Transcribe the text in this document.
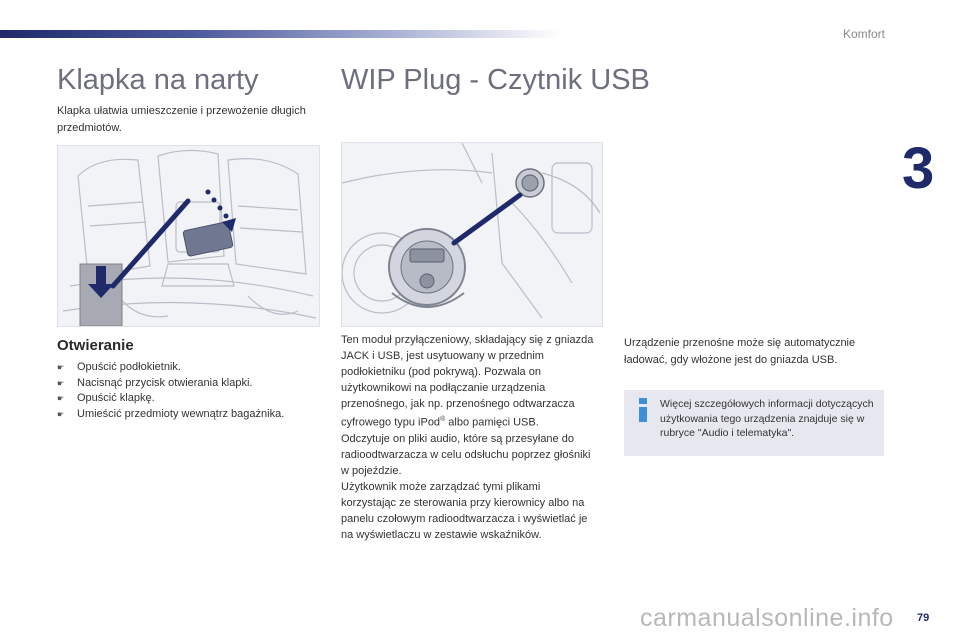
Komfort
3
Klapka na narty	WIP Plug - Czytnik USB
Klapka ułatwia umieszczenie i przewożenie długich przedmiotów.
Otwieranie
☛	Opuścić podłokietnik.
☛	Nacisnąć przycisk otwierania klapki.
☛	Opuścić klapkę.
☛	Umieścić przedmioty wewnątrz bagażnika.

Ten moduł przyłączeniowy, składający się z gniazda JACK i USB, jest usytuowany w przednim podłokietniku (pod pokrywą). Pozwala on użytkownikowi na podłączanie urządzenia przenośnego, jak np. przenośnego odtwarzacza cyfrowego typu iPod® albo pamięci USB.

Odczytuje on pliki audio, które są przesyłane do radioodtwarzacza w celu odsłuchu poprzez głośniki w pojeździe.

Użytkownik może zarządzać tymi plikami korzystając ze sterowania przy kierownicy albo na panelu czołowym radioodtwarzacza i wyświetlać je na wyświetlaczu w zestawie wskaźników.

Urządzenie przenośne może się automatycznie ładować, gdy włożone jest do gniazda USB.

Więcej szczegółowych informacji dotyczących użytkowania tego urządzenia znajduje się w rubryce "Audio i telematyka".
79
carmanualsonline.info
